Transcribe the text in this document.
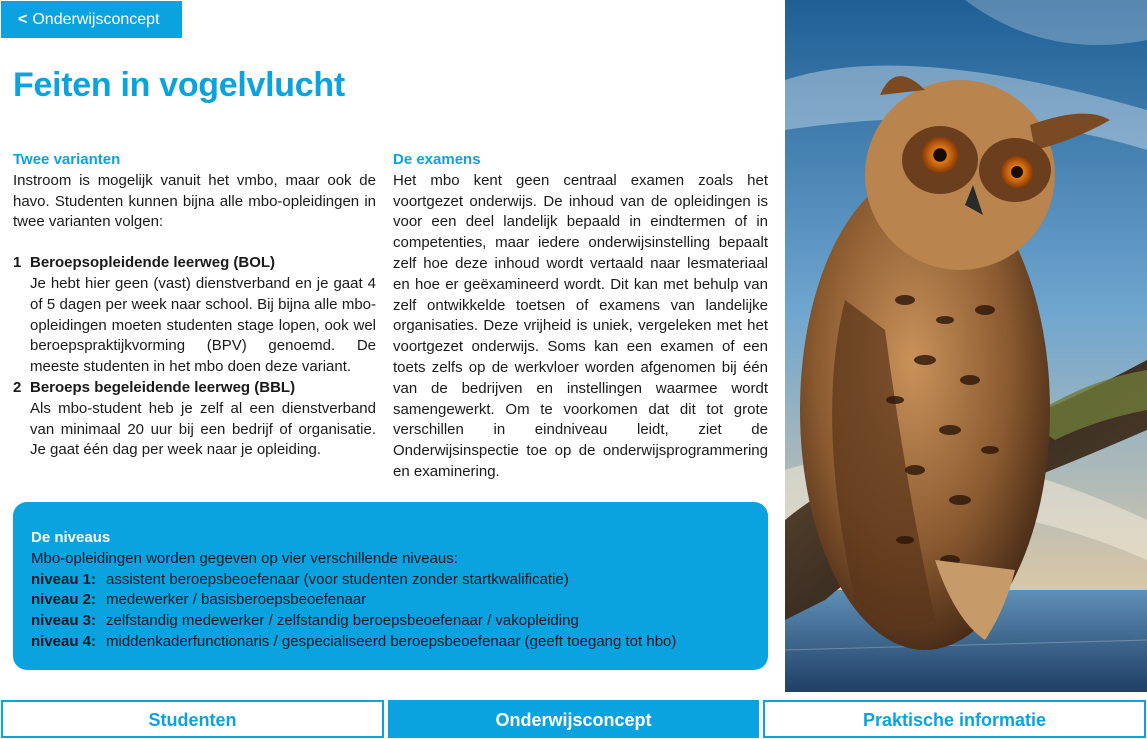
< Onderwijsconcept
Feiten in vogelvlucht
Twee varianten
Instroom is mogelijk vanuit het vmbo, maar ook de havo. Studenten kunnen bijna alle mbo-opleidingen in twee varianten volgen:
1 Beroepsopleidende leerweg (BOL)
Je hebt hier geen (vast) dienstverband en je gaat 4 of 5 dagen per week naar school. Bij bijna alle mbo-opleidingen moeten studenten stage lopen, ook wel beroepspraktijkvorming (BPV) genoemd. De meeste studenten in het mbo doen deze variant.
2 Beroeps begeleidende leerweg (BBL)
Als mbo-student heb je zelf al een dienstverband van minimaal 20 uur bij een bedrijf of organisatie. Je gaat één dag per week naar je opleiding.
De examens
Het mbo kent geen centraal examen zoals het voortgezet onderwijs. De inhoud van de opleidingen is voor een deel landelijk bepaald in eindtermen of in competenties, maar iedere onderwijsinstelling bepaalt zelf hoe deze inhoud wordt vertaald naar lesmateriaal en hoe er geëxamineerd wordt. Dit kan met behulp van zelf ontwikkelde toetsen of examens van landelijke organisaties. Deze vrijheid is uniek, vergeleken met het voortgezet onderwijs. Soms kan een examen of een toets zelfs op de werkvloer worden afgenomen bij één van de bedrijven en instellingen waarmee wordt samengewerkt. Om te voorkomen dat dit tot grote verschillen in eindniveau leidt, ziet de Onderwijsinspectie toe op de onderwijsprogrammering en examinering.
De niveaus
Mbo-opleidingen worden gegeven op vier verschillende niveaus:
niveau 1: assistent beroepsbeoefenaar (voor studenten zonder startkwalificatie)
niveau 2: medewerker / basisberoepsbeoefenaar
niveau 3: zelfstandig medewerker / zelfstandig beroepsbeoefenaar / vakopleiding
niveau 4: middenkaderfunctionaris / gespecialiseerd beroepsbeoefenaar (geeft toegang tot hbo)
Studenten	Onderwijsconcept	Praktische informatie
